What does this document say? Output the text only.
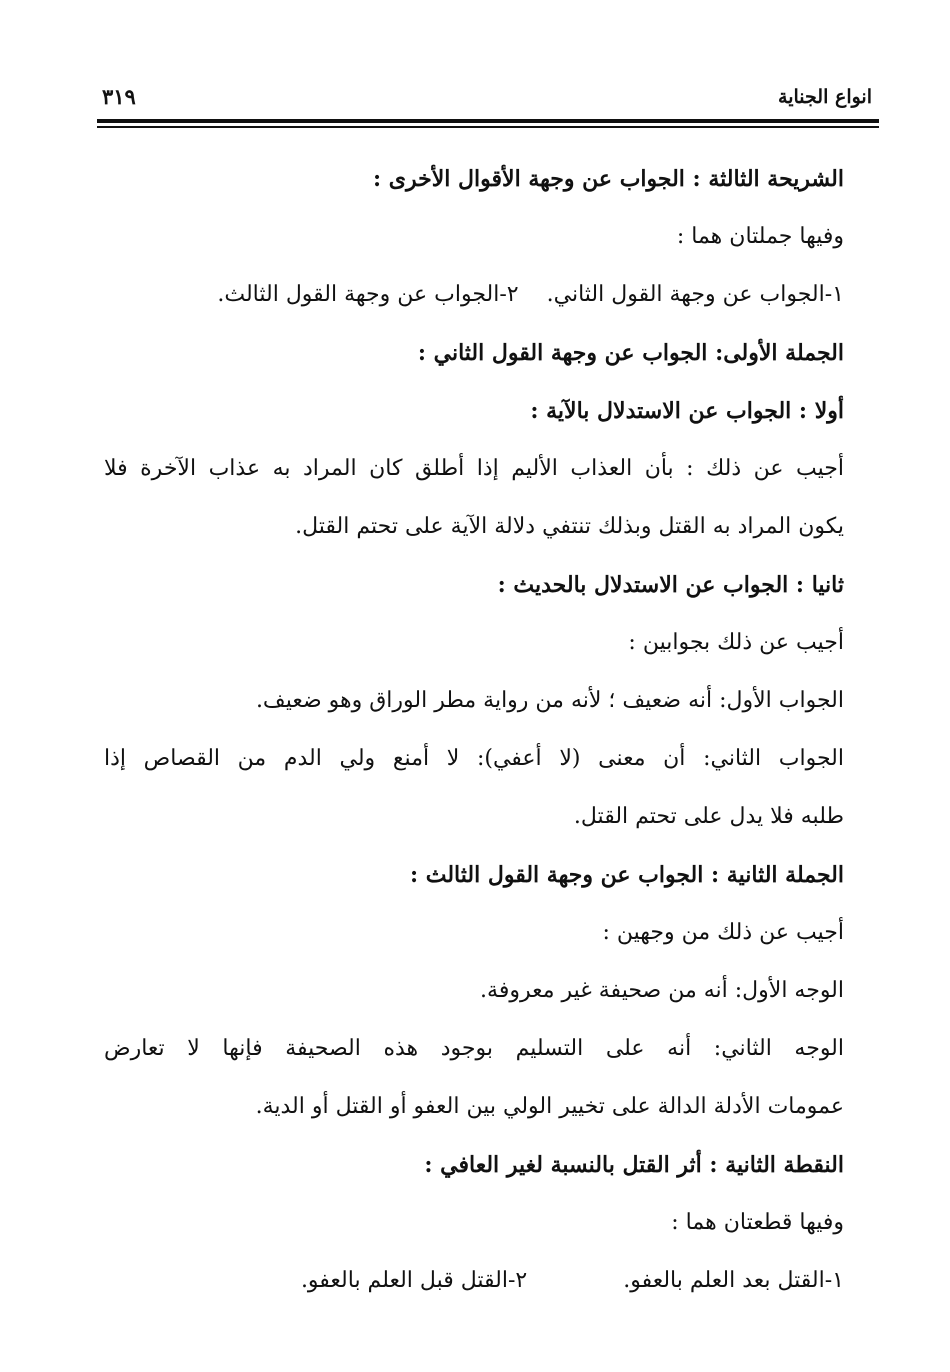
انواع الجناية
٣١٩
الشريحة الثالثة : الجواب عن وجهة الأقوال الأخرى :
وفيها جملتان هما :
١-الجواب عن وجهة القول الثاني.
٢-الجواب عن وجهة القول الثالث.
الجملة الأولى: الجواب عن وجهة القول الثاني :
أولا : الجواب عن الاستدلال بالآية :
أجيب عن ذلك : بأن العذاب الأليم إذا أطلق كان المراد به عذاب الآخرة فلا
يكون المراد به القتل وبذلك تنتفي دلالة الآية على تحتم القتل.
ثانيا : الجواب عن الاستدلال بالحديث :
أجيب عن ذلك بجوابين :
الجواب الأول: أنه ضعيف ؛ لأنه من رواية مطر الوراق وهو ضعيف.
الجواب الثاني: أن معنى (لا أعفي): لا أمنع ولي الدم من القصاص إذا
طلبه فلا يدل على تحتم القتل.
الجملة الثانية : الجواب عن وجهة القول الثالث :
أجيب عن ذلك من وجهين :
الوجه الأول: أنه من صحيفة غير معروفة.
الوجه الثاني: أنه على التسليم بوجود هذه الصحيفة فإنها لا تعارض
عمومات الأدلة الدالة على تخيير الولي بين العفو أو القتل أو الدية.
النقطة الثانية : أثر القتل بالنسبة لغير العافي :
وفيها قطعتان هما :
١-القتل بعد العلم بالعفو.
٢-القتل قبل العلم بالعفو.
